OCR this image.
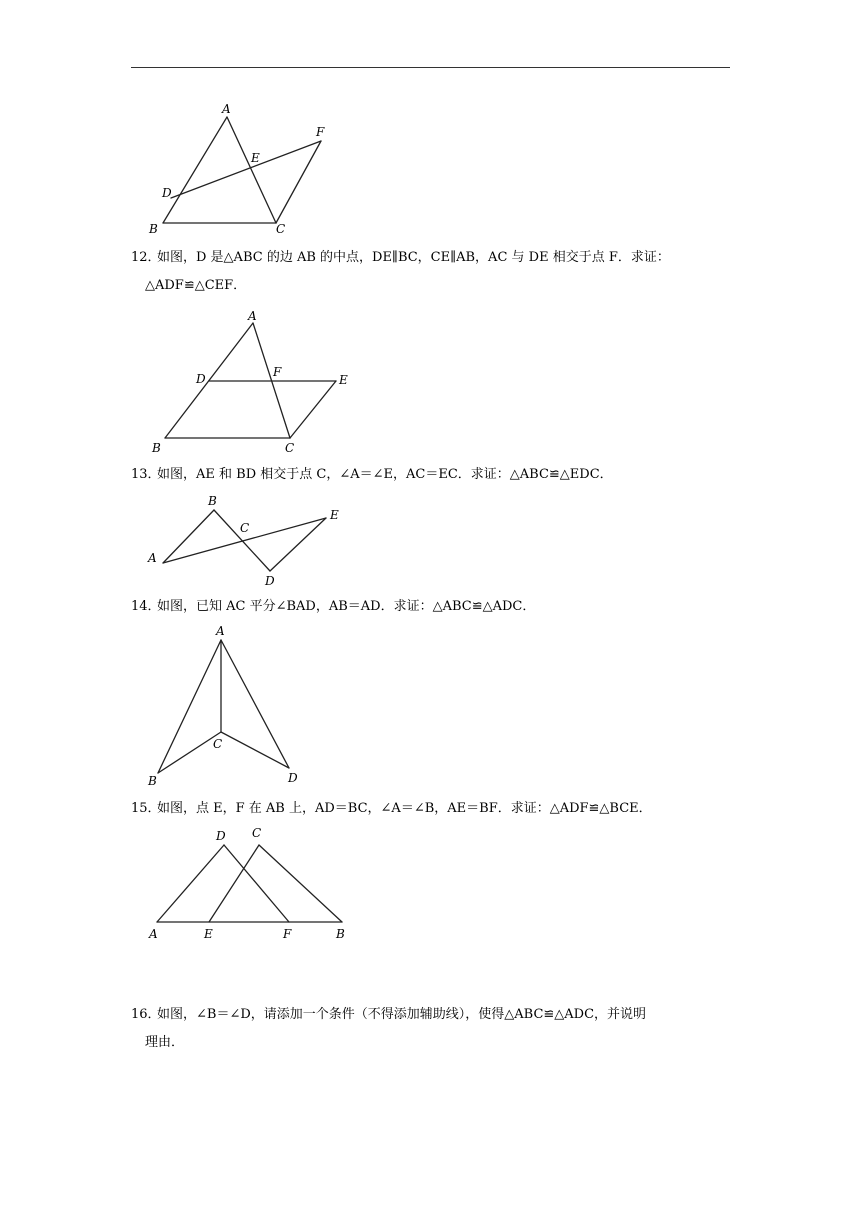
A
B	C
D
E
F
A
B	C
D	E
F
B
A
C
D
E
A
B
C
D
D C
A	E	F	B
12．如图，D 是△ABC 的边 AB 的中点，DE∥BC，CE∥AB，AC 与 DE 相交于点 F．求证：
△ADF≌△CEF．
13．如图，AE 和 BD 相交于点 C，∠A＝∠E，AC＝EC．求证：△ABC≌△EDC．
14．如图，已知 AC 平分∠BAD，AB＝AD．求证：△ABC≌△ADC．
15．如图，点 E，F 在 AB 上，AD＝BC，∠A＝∠B，AE＝BF．求证：△ADF≌△BCE．
16．如图，∠B＝∠D，请添加一个条件（不得添加辅助线），使得△ABC≌△ADC，并说明
理由．
